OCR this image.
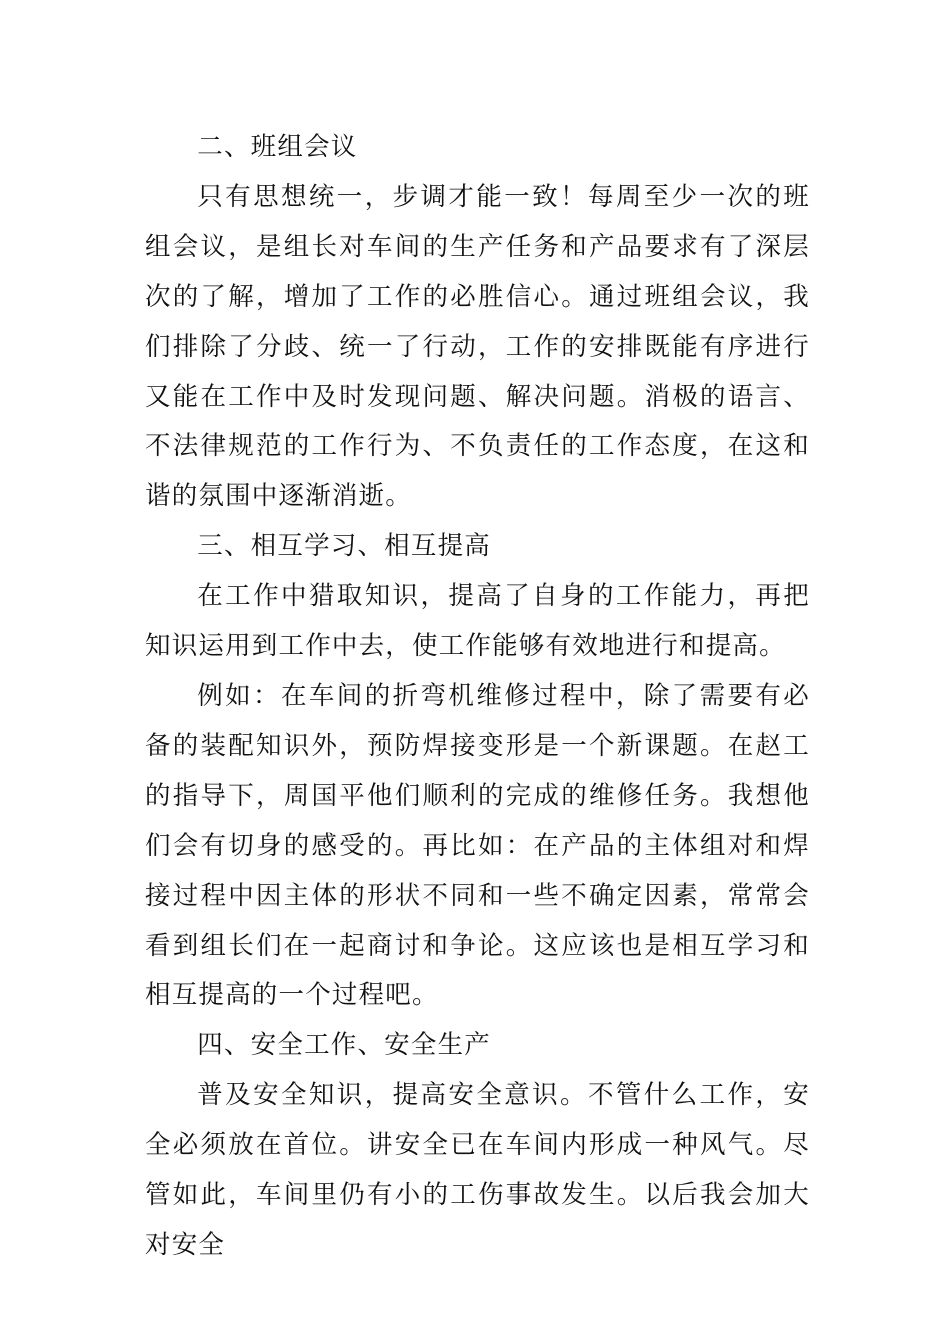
二、班组会议

只有思想统一，步调才能一致！每周至少一次的班组会议，是组长对车间的生产任务和产品要求有了深层次的了解，增加了工作的必胜信心。通过班组会议，我们排除了分歧、统一了行动，工作的安排既能有序进行又能在工作中及时发现问题、解决问题。消极的语言、不法律规范的工作行为、不负责任的工作态度，在这和谐的氛围中逐渐消逝。

三、相互学习、相互提高

在工作中猎取知识，提高了自身的工作能力，再把知识运用到工作中去，使工作能够有效地进行和提高。

例如：在车间的折弯机维修过程中，除了需要有必备的装配知识外，预防焊接变形是一个新课题。在赵工的指导下，周国平他们顺利的完成的维修任务。我想他们会有切身的感受的。再比如：在产品的主体组对和焊接过程中因主体的形状不同和一些不确定因素，常常会看到组长们在一起商讨和争论。这应该也是相互学习和相互提高的一个过程吧。

四、安全工作、安全生产

普及安全知识，提高安全意识。不管什么工作，安全必须放在首位。讲安全已在车间内形成一种风气。尽管如此，车间里仍有小的工伤事故发生。以后我会加大对安全
